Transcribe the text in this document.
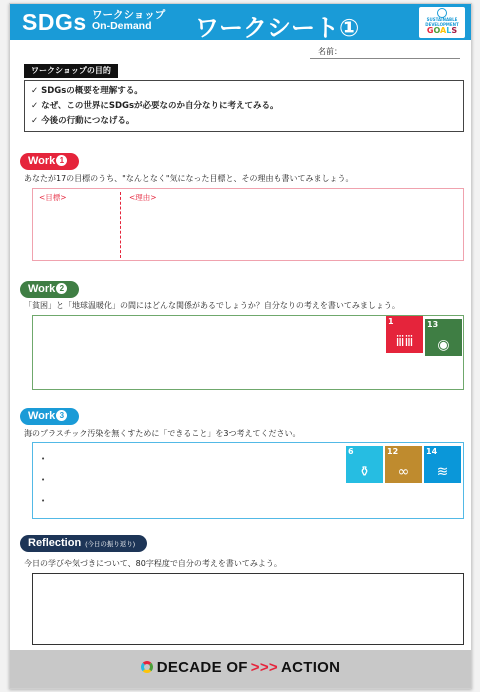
SDGs ワークショップ
On-Demand	ワークシート①	SUSTAINABLE DEVELOPMENT
GOALS
名前：
ワークショップの目的
✓ SDGsの概要を理解する。
✓ なぜ、この世界にSDGsが必要なのか自分なりに考えてみる。
✓ 今後の行動につなげる。
Work 1
あなたが17の目標のうち、"なんとなく"気になった目標と、その理由も書いてみましょう。
<目標>	<理由>
Work 2
「貧困」と「地球温暖化」の間にはどんな関係があるでしょうか？自分なりの考えを書いてみましょう。
1
ⅲⅲ
13
◉
Work 3
海のプラスチック汚染を無くすために「できること」を3つ考えてください。
•
•
•
6
⚱
12
∞
14
≋
Reflection (今日の振り返り)
今日の学びや気づきについて、80字程度で自分の考えを書いてみよう。
DECADE OF >>> ACTION
